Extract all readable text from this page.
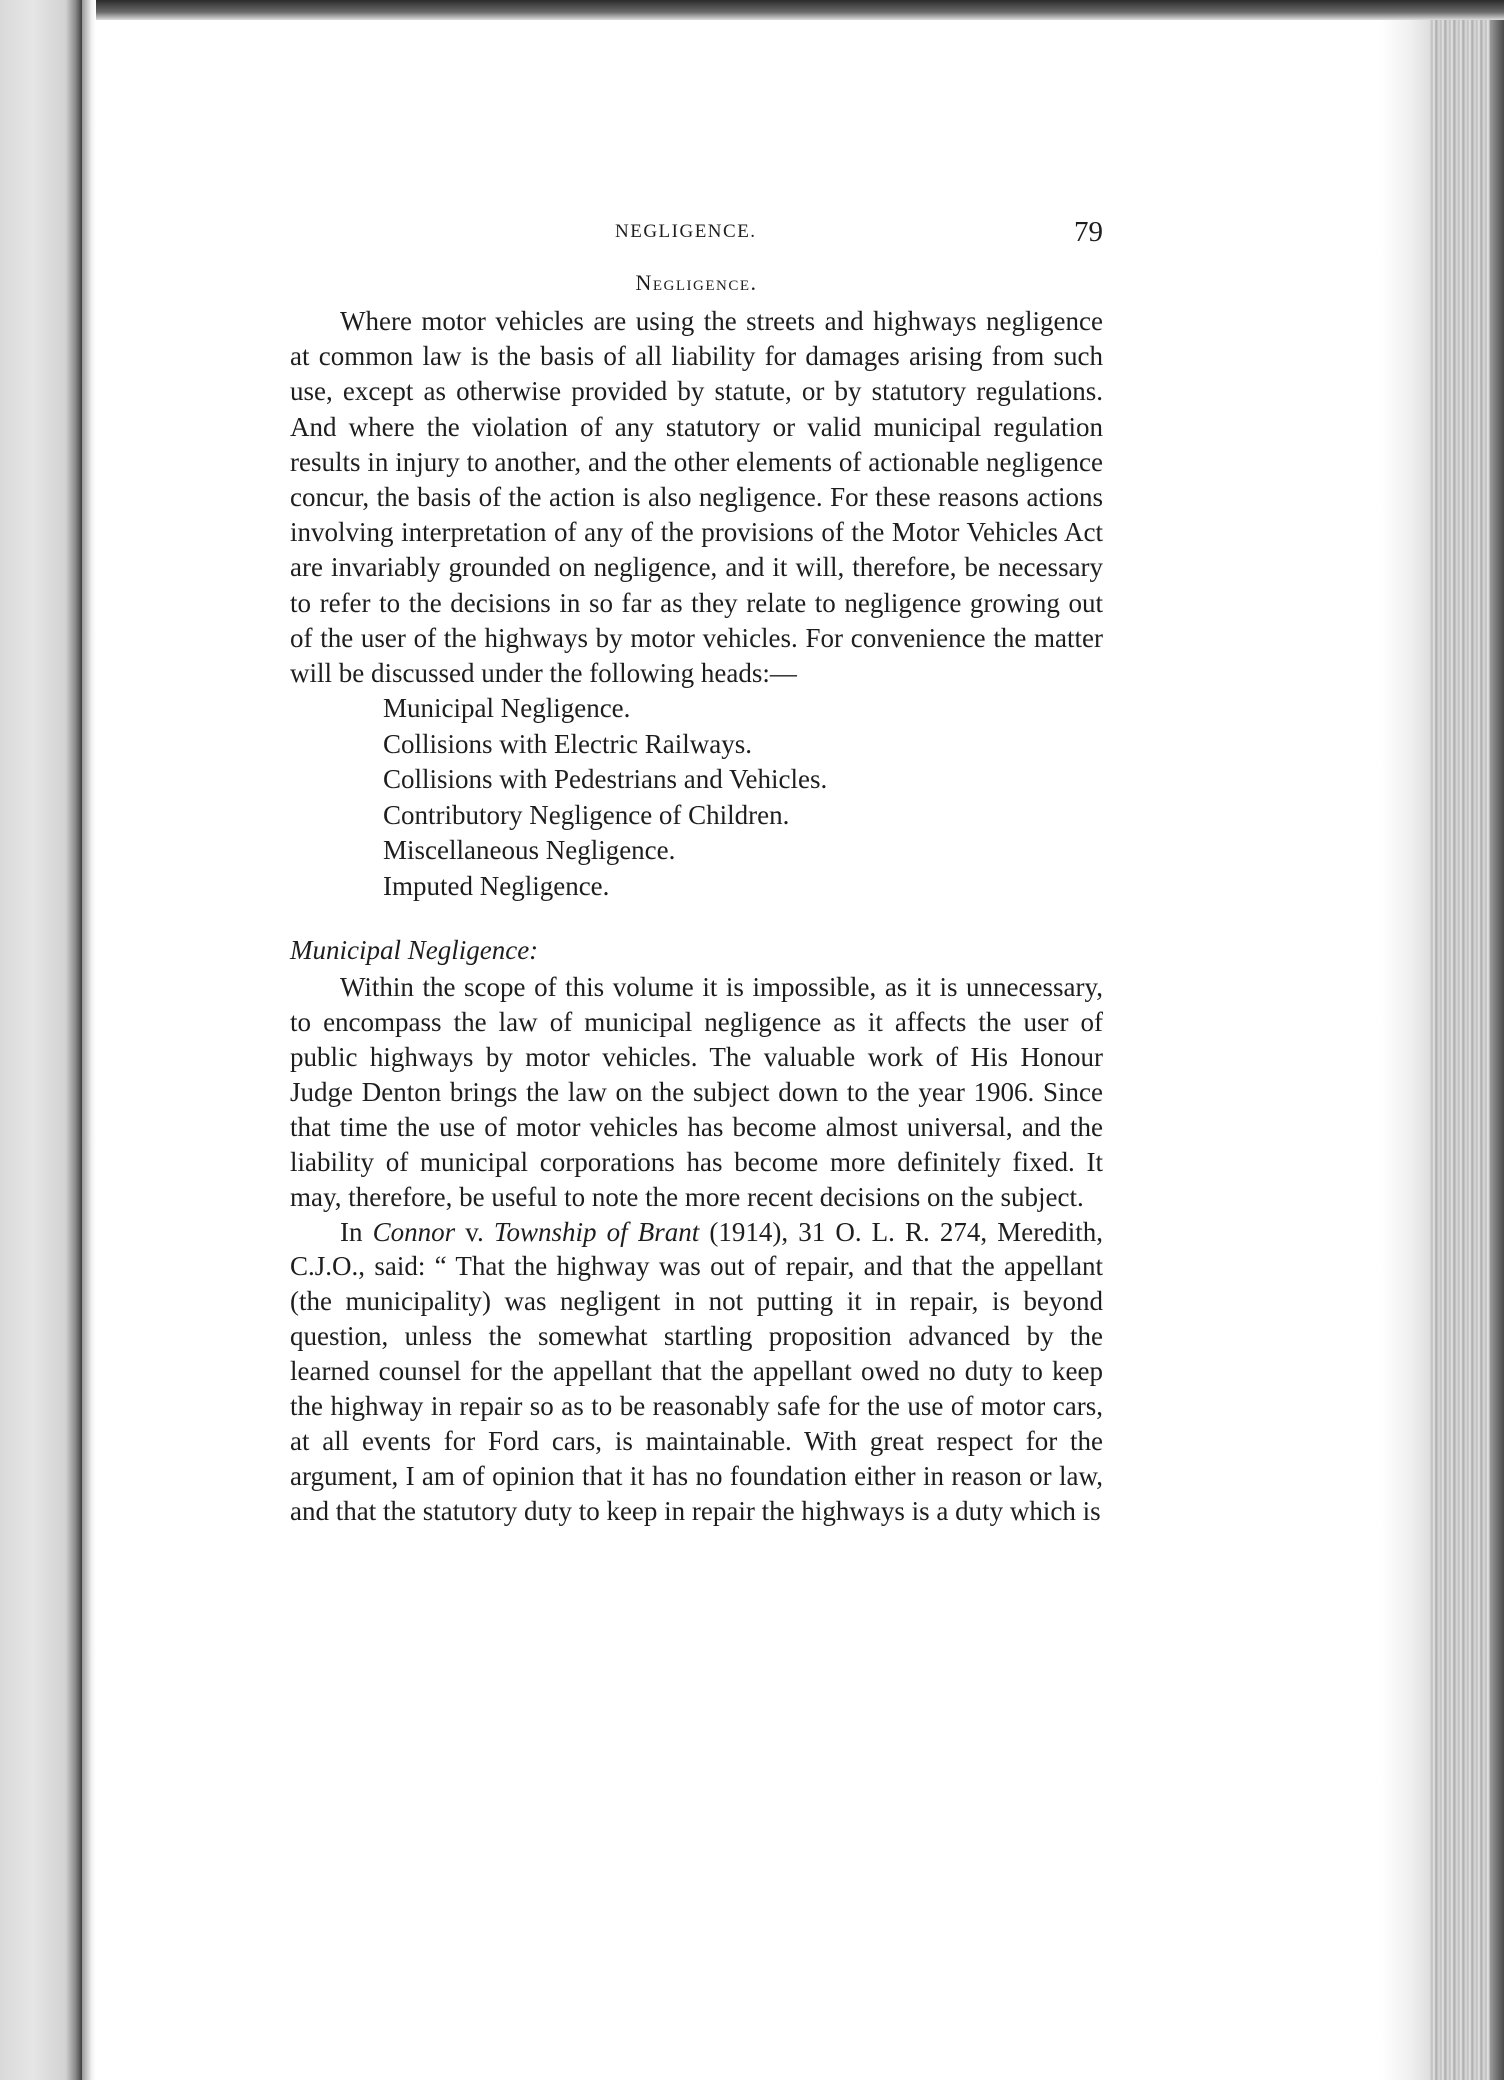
NEGLIGENCE.	79
Negligence.

Where motor vehicles are using the streets and highways negligence at common law is the basis of all liability for damages arising from such use, except as otherwise provided by statute, or by statutory regulations. And where the violation of any statutory or valid municipal regulation results in injury to another, and the other elements of actionable negligence concur, the basis of the action is also negligence. For these reasons actions involving interpretation of any of the provisions of the Motor Vehicles Act are invariably grounded on negligence, and it will, therefore, be necessary to refer to the decisions in so far as they relate to negligence growing out of the user of the highways by motor vehicles. For convenience the matter will be discussed under the following heads:—

Municipal Negligence.
Collisions with Electric Railways.
Collisions with Pedestrians and Vehicles.
Contributory Negligence of Children.
Miscellaneous Negligence.
Imputed Negligence.
Municipal Negligence:

Within the scope of this volume it is impossible, as it is unnecessary, to encompass the law of municipal negligence as it affects the user of public highways by motor vehicles. The valuable work of His Honour Judge Denton brings the law on the subject down to the year 1906. Since that time the use of motor vehicles has become almost universal, and the liability of municipal corporations has become more definitely fixed. It may, therefore, be useful to note the more recent decisions on the subject.

In Connor v. Township of Brant (1914), 31 O. L. R. 274, Meredith, C.J.O., said: “ That the highway was out of repair, and that the appellant (the municipality) was negligent in not putting it in repair, is beyond question, unless the somewhat startling proposition advanced by the learned counsel for the appellant that the appellant owed no duty to keep the highway in repair so as to be reasonably safe for the use of motor cars, at all events for Ford cars, is maintainable. With great respect for the argument, I am of opinion that it has no foundation either in reason or law, and that the statutory duty to keep in repair the highways is a duty which is
